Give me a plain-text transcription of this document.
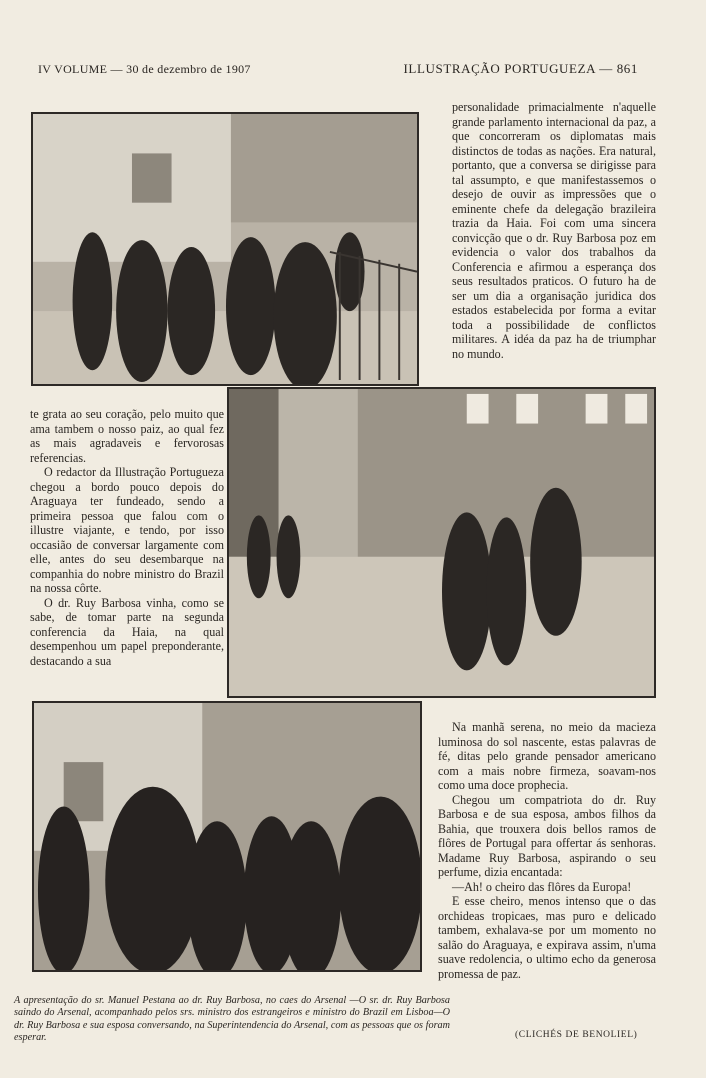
IV VOLUME — 30 de dezembro de 1907	ILLUSTRAÇÃO PORTUGUEZA — 861

personalidade primacialmente n'aquelle grande parlamento internacional da paz, a que concorreram os diplomatas mais distinctos de todas as nações. Era natural, portanto, que a conversa se dirigisse para tal assumpto, e que manifestassemos o desejo de ouvir as impressões que o eminente chefe da delegação brazileira trazia da Haia. Foi com uma sincera convicção que o dr. Ruy Barbosa poz em evidencia o valor dos trabalhos da Conferencia e afirmou a esperança dos seus resultados praticos. O futuro ha de ser um dia a organisação juridica dos estados estabelecida por forma a evitar toda a possibilidade de conflictos militares. A idéa da paz ha de triumphar no mundo.

te grata ao seu coração, pelo muito que ama tambem o nosso paiz, ao qual fez as mais agradaveis e fervorosas referencias.

O redactor da Illustração Portugueza chegou a bordo pouco depois do Araguaya ter fundeado, sendo a primeira pessoa que falou com o illustre viajante, e tendo, por isso occasião de conversar largamente com elle, antes do seu desembarque na companhia do nobre ministro do Brazil na nossa côrte.

O dr. Ruy Barbosa vinha, como se sabe, de tomar parte na segunda conferencia da Haia, na qual desempenhou um papel preponderante, destacando a sua

Na manhã serena, no meio da macieza luminosa do sol nascente, estas palavras de fé, ditas pelo grande pensador americano com a mais nobre firmeza, soavam-nos como uma doce prophecia.

Chegou um compatriota do dr. Ruy Barbosa e de sua esposa, ambos filhos da Bahia, que trouxera dois bellos ramos de flôres de Portugal para offertar ás senhoras. Madame Ruy Barbosa, aspirando o seu perfume, dizia encantada:

—Ah! o cheiro das flôres da Europa!

E esse cheiro, menos intenso que o das orchideas tropicaes, mas puro e delicado tambem, exhalava-se por um momento no salão do Araguaya, e expirava assim, n'uma suave redolencia, o ultimo echo da generosa promessa de paz.

A apresentação do sr. Manuel Pestana ao dr. Ruy Barbosa, no caes do Arsenal —O sr. dr. Ruy Barbosa saindo do Arsenal, acompanhado pelos srs. ministro dos estrangeiros e ministro do Brazil em Lisboa—O dr. Ruy Barbosa e sua esposa conversando, na Superintendencia do Arsenal, com as pessoas que os foram esperar.	(CLICHÉS DE BENOLIEL)
